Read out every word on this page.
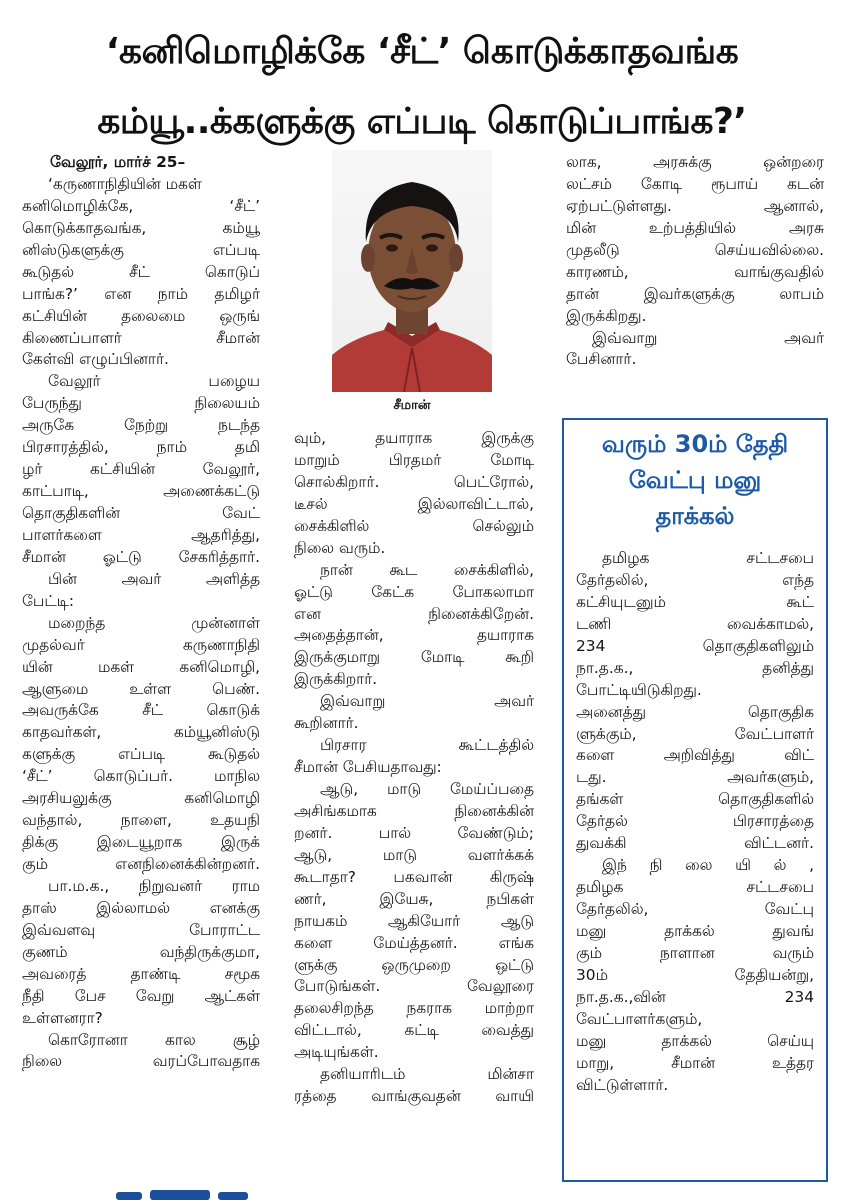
‘கனிமொழிக்கே ‘சீட்’ கொடுக்காதவங்க
கம்யூ..க்களுக்கு எப்படி கொடுப்பாங்க?’

வேலூர், மார்ச் 25–

‘கருணாநிதியின் மகள்
கனிமொழிக்கே, ‘சீட்’
கொடுக்காதவங்க, கம்யூ
னிஸ்டுகளுக்கு எப்படி
கூடுதல் சீட் கொடுப்
பாங்க?’ என நாம் தமிழர்
கட்சியின் தலைமை ஒருங்
கிணைப்பாளர் சீமான்
கேள்வி எழுப்பினார்.
வேலூர் பழைய
பேருந்து நிலையம்
அருகே நேற்று நடந்த
பிரசாரத்தில், நாம் தமி
ழர் கட்சியின் வேலூர்,
காட்பாடி, அணைக்கட்டு
தொகுதிகளின் வேட்
பாளர்களை ஆதரித்து,
சீமான் ஓட்டு சேகரித்தார்.
பின் அவர் அளித்த
பேட்டி:
மறைந்த முன்னாள்
முதல்வர் கருணாநிதி
யின் மகள் கனிமொழி,
ஆளுமை உள்ள பெண்.
அவருக்கே சீட் கொடுக்
காதவர்கள், கம்யூனிஸ்டு
களுக்கு எப்படி கூடுதல்
‘சீட்’ கொடுப்பர். மாநில
அரசியலுக்கு கனிமொழி
வந்தால், நாளை, உதயநி
திக்கு இடையூறாக இருக்
கும் எனநினைக்கின்றனர்.
பா.ம.க., நிறுவனர் ராம
தாஸ் இல்லாமல் எனக்கு
இவ்வளவு போராட்ட
குணம் வந்திருக்குமா,
அவரைத் தாண்டி சமூக
நீதி பேச வேறு ஆட்கள்
உள்ளனரா?
கொரோனா கால சூழ்
நிலை வரப்போவதாக
சீமான்
வும், தயாராக இருக்கு
மாறும் பிரதமர் மோடி
சொல்கிறார். பெட்ரோல்,
டீசல் இல்லாவிட்டால்,
சைக்கிளில் செல்லும்
நிலை வரும்.
நான் கூட சைக்கிளில்,
ஓட்டு கேட்க போகலாமா
என நினைக்கிறேன்.
அதைத்தான், தயாராக
இருக்குமாறு மோடி கூறி
இருக்கிறார்.
இவ்வாறு அவர்
கூறினார்.
பிரசார கூட்டத்தில்
சீமான் பேசியதாவது:
ஆடு, மாடு மேய்ப்பதை
அசிங்கமாக நினைக்கின்
றனர். பால் வேண்டும்;
ஆடு, மாடு வளர்க்கக்
கூடாதா? பகவான் கிருஷ்
ணர், இயேசு, நபிகள்
நாயகம் ஆகியோர் ஆடு
களை மேய்த்தனர். எங்க
ளுக்கு ஒருமுறை ஒட்டு
போடுங்கள். வேலூரை
தலைசிறந்த நகராக மாற்றா
விட்டால், கட்டி வைத்து
அடியுங்கள்.
தனியாரிடம் மின்சா
ரத்தை வாங்குவதன் வாயி
லாக, அரசுக்கு ஒன்றரை
லட்சம் கோடி ரூபாய் கடன்
ஏற்பட்டுள்ளது. ஆனால்,
மின் உற்பத்தியில் அரசு
முதலீடு செய்யவில்லை.
காரணம், வாங்குவதில்
தான் இவர்களுக்கு லாபம்
இருக்கிறது.
இவ்வாறு அவர்
பேசினார்.
வரும் 30ம் தேதி
வேட்பு மனு
தாக்கல்
தமிழக சட்டசபை
தேர்தலில், எந்த
கட்சியுடனும் கூட்
டணி வைக்காமல்,
234 தொகுதிகளிலும்
நா.த.க., தனித்து
போட்டியிடுகிறது.
அனைத்து தொகுதிக
ளுக்கும், வேட்பாளர்
களை அறிவித்து விட்
டது. அவர்களும்,
தங்கள் தொகுதிகளில்
தேர்தல் பிரசாரத்தை
துவக்கி விட்டனர்.
இந் நி லை யி ல் ,
தமிழக சட்டசபை
தேர்தலில், வேட்பு
மனு தாக்கல் துவங்
கும் நாளான வரும்
30ம் தேதியன்று,
நா.த.க.,வின் 234
வேட்பாளர்களும்,
மனு தாக்கல் செய்யு
மாறு, சீமான் உத்தர
விட்டுள்ளார்.
